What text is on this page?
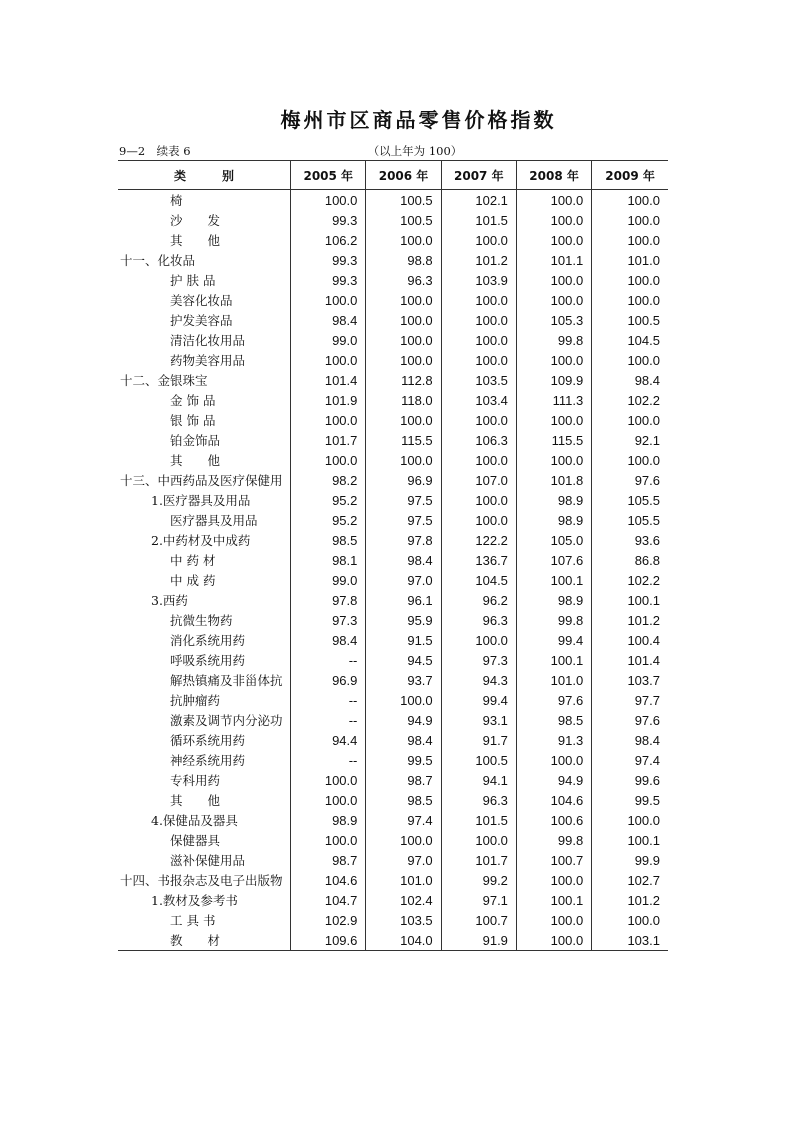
梅州市区商品零售价格指数
9—2　续表 6	（以上年为 100）
类　　　别	2005 年	2006 年	2007 年	2008 年	2009 年
椅	100.0	100.5	102.1	100.0	100.0
沙　　发	99.3	100.5	101.5	100.0	100.0
其　　他	106.2	100.0	100.0	100.0	100.0
十一、化妆品	99.3	98.8	101.2	101.1	101.0
护 肤 品	99.3	96.3	103.9	100.0	100.0
美容化妆品	100.0	100.0	100.0	100.0	100.0
护发美容品	98.4	100.0	100.0	105.3	100.5
清洁化妆用品	99.0	100.0	100.0	99.8	104.5
药物美容用品	100.0	100.0	100.0	100.0	100.0
十二、金银珠宝	101.4	112.8	103.5	109.9	98.4
金 饰 品	101.9	118.0	103.4	111.3	102.2
银 饰 品	100.0	100.0	100.0	100.0	100.0
铂金饰品	101.7	115.5	106.3	115.5	92.1
其　　他	100.0	100.0	100.0	100.0	100.0
十三、中西药品及医疗保健用	98.2	96.9	107.0	101.8	97.6
1.医疗器具及用品	95.2	97.5	100.0	98.9	105.5
医疗器具及用品	95.2	97.5	100.0	98.9	105.5
2.中药材及中成药	98.5	97.8	122.2	105.0	93.6
中 药 材	98.1	98.4	136.7	107.6	86.8
中 成 药	99.0	97.0	104.5	100.1	102.2
3.西药	97.8	96.1	96.2	98.9	100.1
抗微生物药	97.3	95.9	96.3	99.8	101.2
消化系统用药	98.4	91.5	100.0	99.4	100.4
呼吸系统用药	--	94.5	97.3	100.1	101.4
解热镇痛及非甾体抗	96.9	93.7	94.3	101.0	103.7
抗肿瘤药	--	100.0	99.4	97.6	97.7
激素及调节内分泌功	--	94.9	93.1	98.5	97.6
循环系统用药	94.4	98.4	91.7	91.3	98.4
神经系统用药	--	99.5	100.5	100.0	97.4
专科用药	100.0	98.7	94.1	94.9	99.6
其　　他	100.0	98.5	96.3	104.6	99.5
4.保健品及器具	98.9	97.4	101.5	100.6	100.0
保健器具	100.0	100.0	100.0	99.8	100.1
滋补保健用品	98.7	97.0	101.7	100.7	99.9
十四、书报杂志及电子出版物	104.6	101.0	99.2	100.0	102.7
1.教材及参考书	104.7	102.4	97.1	100.1	101.2
工 具 书	102.9	103.5	100.7	100.0	100.0
教　　材	109.6	104.0	91.9	100.0	103.1
